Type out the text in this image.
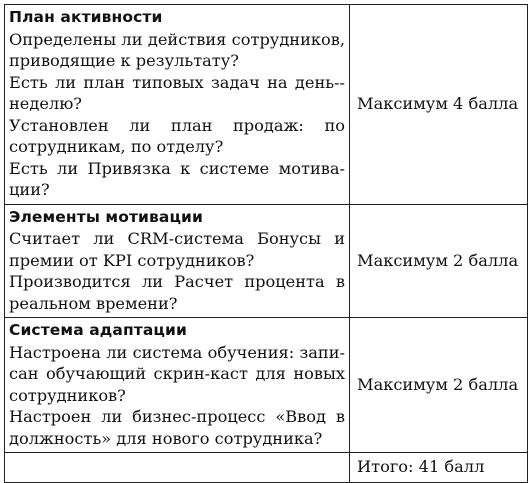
План активности
Определены ли действия сотрудников, приводящие к результату?
Есть ли план типовых задач на день-неделю?
Установлен ли план продаж: по сотрудникам, по отделу?
Есть ли Привязка к системе мотивации?	Максимум 4 балла

Элементы мотивации
Считает ли CRM-система Бонусы и премии от KPI сотрудников?
Производится ли Расчет процента в реальном времени?	Максимум 2 балла

Система адаптации
Настроена ли система обучения: записан обучающий скрин-каст для новых сотрудников?
Настроен ли бизнес-процесс «Ввод в должность» для нового сотрудника?	Максимум 2 балла
	Итого: 41 балл
